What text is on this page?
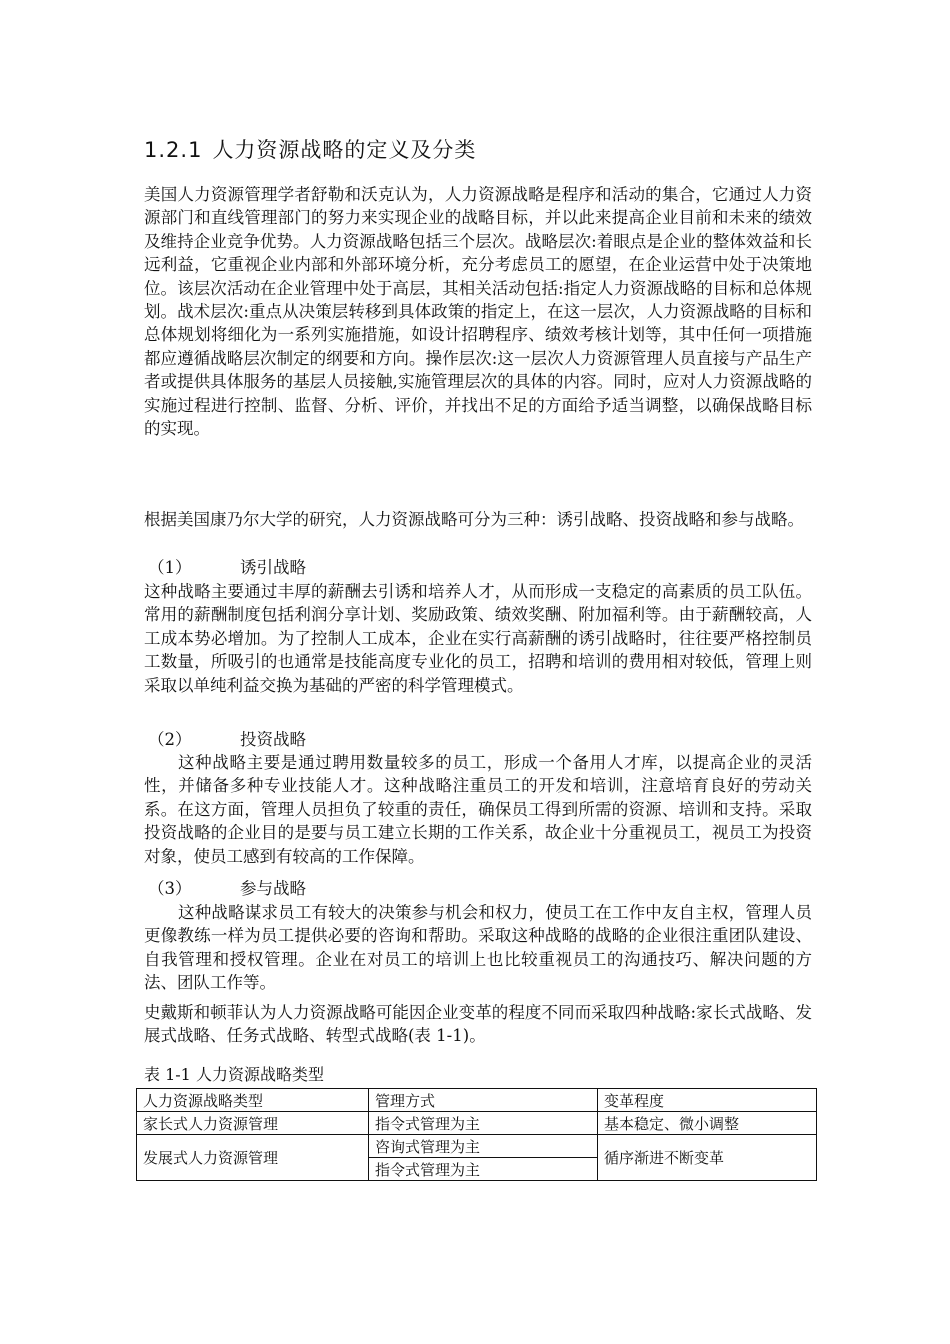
1.2.1 人力资源战略的定义及分类

美国人力资源管理学者舒勒和沃克认为，人力资源战略是程序和活动的集合，它通过人力资源部门和直线管理部门的努力来实现企业的战略目标，并以此来提高企业目前和未来的绩效及维持企业竞争优势。人力资源战略包括三个层次。战略层次:着眼点是企业的整体效益和长远利益，它重视企业内部和外部环境分析，充分考虑员工的愿望，在企业运营中处于决策地位。该层次活动在企业管理中处于高层，其相关活动包括:指定人力资源战略的目标和总体规划。战术层次:重点从决策层转移到具体政策的指定上，在这一层次，人力资源战略的目标和总体规划将细化为一系列实施措施，如设计招聘程序、绩效考核计划等，其中任何一项措施都应遵循战略层次制定的纲要和方向。操作层次:这一层次人力资源管理人员直接与产品生产者或提供具体服务的基层人员接触,实施管理层次的具体的内容。同时，应对人力资源战略的实施过程进行控制、监督、分析、评价，并找出不足的方面给予适当调整，以确保战略目标的实现。

根据美国康乃尔大学的研究，人力资源战略可分为三种：诱引战略、投资战略和参与战略。

（1）	诱引战略

这种战略主要通过丰厚的薪酬去引诱和培养人才，从而形成一支稳定的高素质的员工队伍。常用的薪酬制度包括利润分享计划、奖励政策、绩效奖酬、附加福利等。由于薪酬较高，人工成本势必增加。为了控制人工成本，企业在实行高薪酬的诱引战略时，往往要严格控制员工数量，所吸引的也通常是技能高度专业化的员工，招聘和培训的费用相对较低，管理上则采取以单纯利益交换为基础的严密的科学管理模式。

（2）	投资战略

这种战略主要是通过聘用数量较多的员工，形成一个备用人才库，以提高企业的灵活性，并储备多种专业技能人才。这种战略注重员工的开发和培训，注意培育良好的劳动关系。在这方面，管理人员担负了较重的责任，确保员工得到所需的资源、培训和支持。采取投资战略的企业目的是要与员工建立长期的工作关系，故企业十分重视员工，视员工为投资对象，使员工感到有较高的工作保障。

（3）	参与战略

这种战略谋求员工有较大的决策参与机会和权力，使员工在工作中友自主权，管理人员更像教练一样为员工提供必要的咨询和帮助。采取这种战略的战略的企业很注重团队建设、自我管理和授权管理。企业在对员工的培训上也比较重视员工的沟通技巧、解决问题的方法、团队工作等。

史戴斯和顿菲认为人力资源战略可能因企业变革的程度不同而采取四种战略:家长式战略、发展式战略、任务式战略、转型式战略(表 1-1)。

表 1-1 人力资源战略类型

人力资源战略类型	管理方式	变革程度
家长式人力资源管理	指令式管理为主	基本稳定、微小调整
发展式人力资源管理	咨询式管理为主	循序渐进不断变革
	指令式管理为主	
